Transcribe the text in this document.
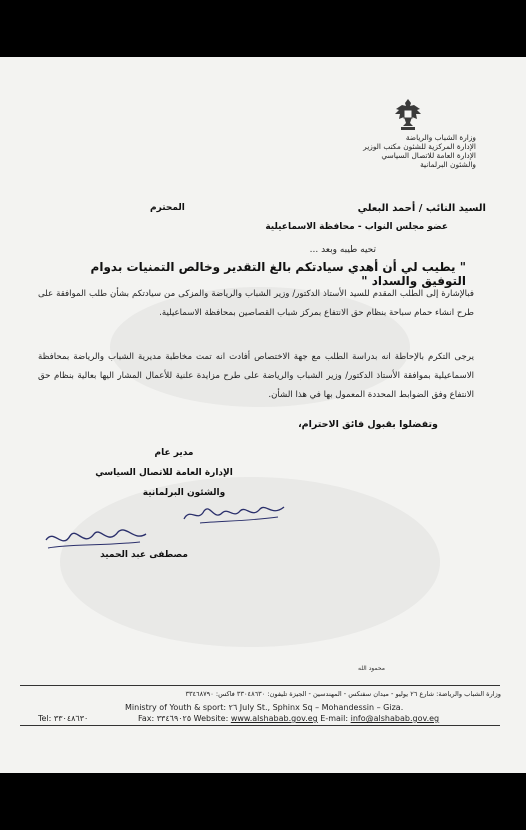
وزارة الشباب والرياضة
الإدارة المركزية للشئون مكتب الوزير
الإدارة العامة للاتصال السياسي
والشئون البرلمانية
السيد النائب / أحمد البعلي
المحترم
عضو مجلس النواب - محافظة الاسماعيلية
تحيه طيبه وبعد ...
" يطيب لي أن أهدي سيادتكم بالغ التقدير وخالص التمنيات بدوام التوفيق والسداد "
فبالإشارة إلى الطلب المقدم للسيد الأستاذ الدكتور/ وزير الشباب والرياضة والمزكى من سيادتكم بشأن طلب الموافقة على طرح انشاء حمام سباحة بنظام حق الانتفاع بمركز شباب القصاصين بمحافظة الاسماعيلية.
يرجى التكرم بالإحاطة انه بدراسة الطلب مع جهة الاختصاص أفادت انه تمت مخاطبة مديرية الشباب والرياضة بمحافظة الاسماعيلية بموافقة الأستاذ الدكتور/ وزير الشباب والرياضة على طرح مزايدة علنية للأعمال المشار اليها بعالية بنظام حق الانتفاع وفق الضوابط المحددة المعمول بها في هذا الشأن.
وتفضلوا بقبول فائق الاحترام،
مدير عام
الإدارة العامة للاتصال السياسي
والشئون البرلمانية
مصطفى عبد الحميد
محمود الله
وزارة الشباب والرياضة: شارع ٢٦ يوليو - ميدان سفنكس - المهندسين - الجيزة تليفون: ٣٣٠٤٨٦٣٠ فاكس: ٣٣٤٦٨٧٩٠
Ministry of Youth & sport: ٢٦ July St., Sphinx Sq – Mohandessin – Giza.
Tel: ٣٣٠٤٨٦٣٠	Fax: ٣٣٤٦٩٠٢٥ Website: www.alshabab.gov.eg E-mail: info@alshabab.gov.eg
